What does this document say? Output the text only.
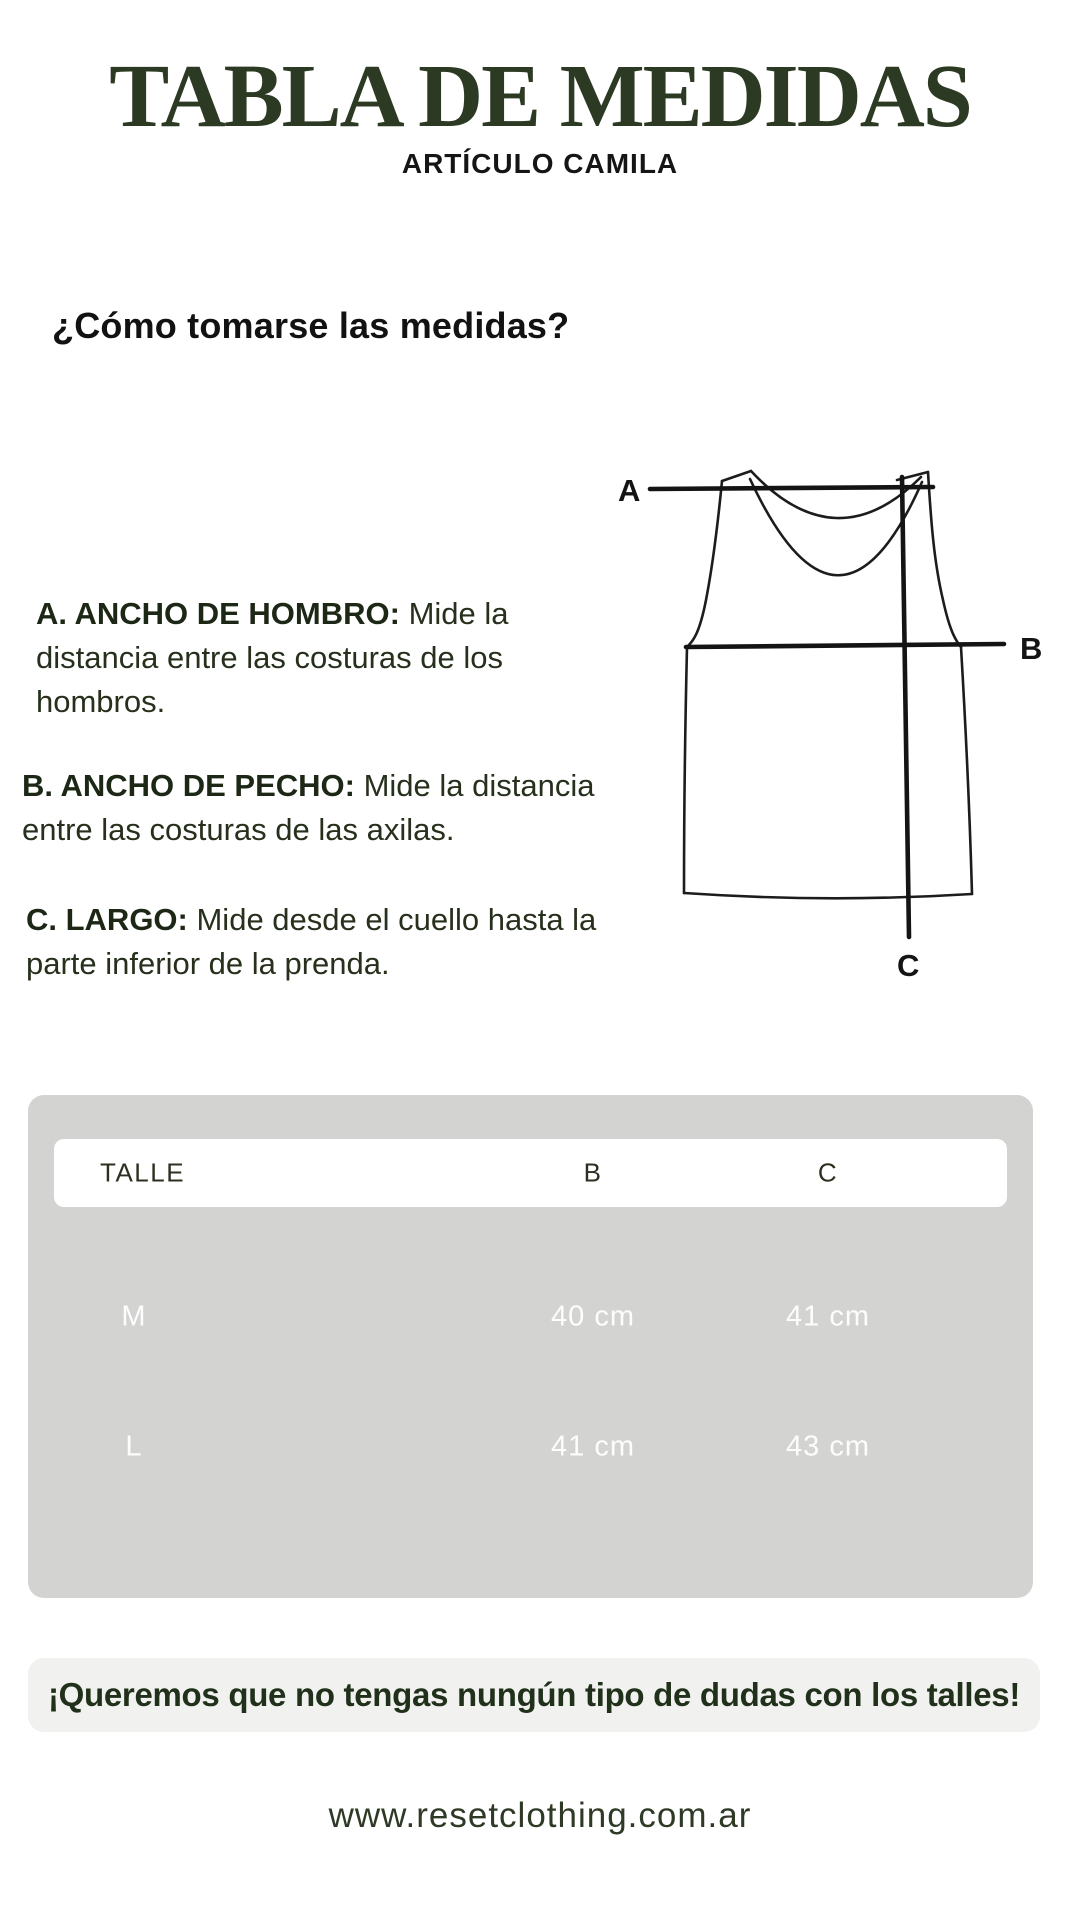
TABLA DE MEDIDAS
ARTÍCULO CAMILA
¿Cómo tomarse las medidas?
A. ANCHO DE HOMBRO: Mide la distancia entre las costuras de los hombros.
B. ANCHO DE PECHO: Mide la distancia entre las costuras de las axilas.
C. LARGO: Mide desde el cuello hasta la parte inferior de la prenda.
A
B
C
TALLE	B	C
M	40 cm	41 cm
L	41 cm	43 cm
¡Queremos que no tengas nungún tipo de dudas con los talles!
www.resetclothing.com.ar
